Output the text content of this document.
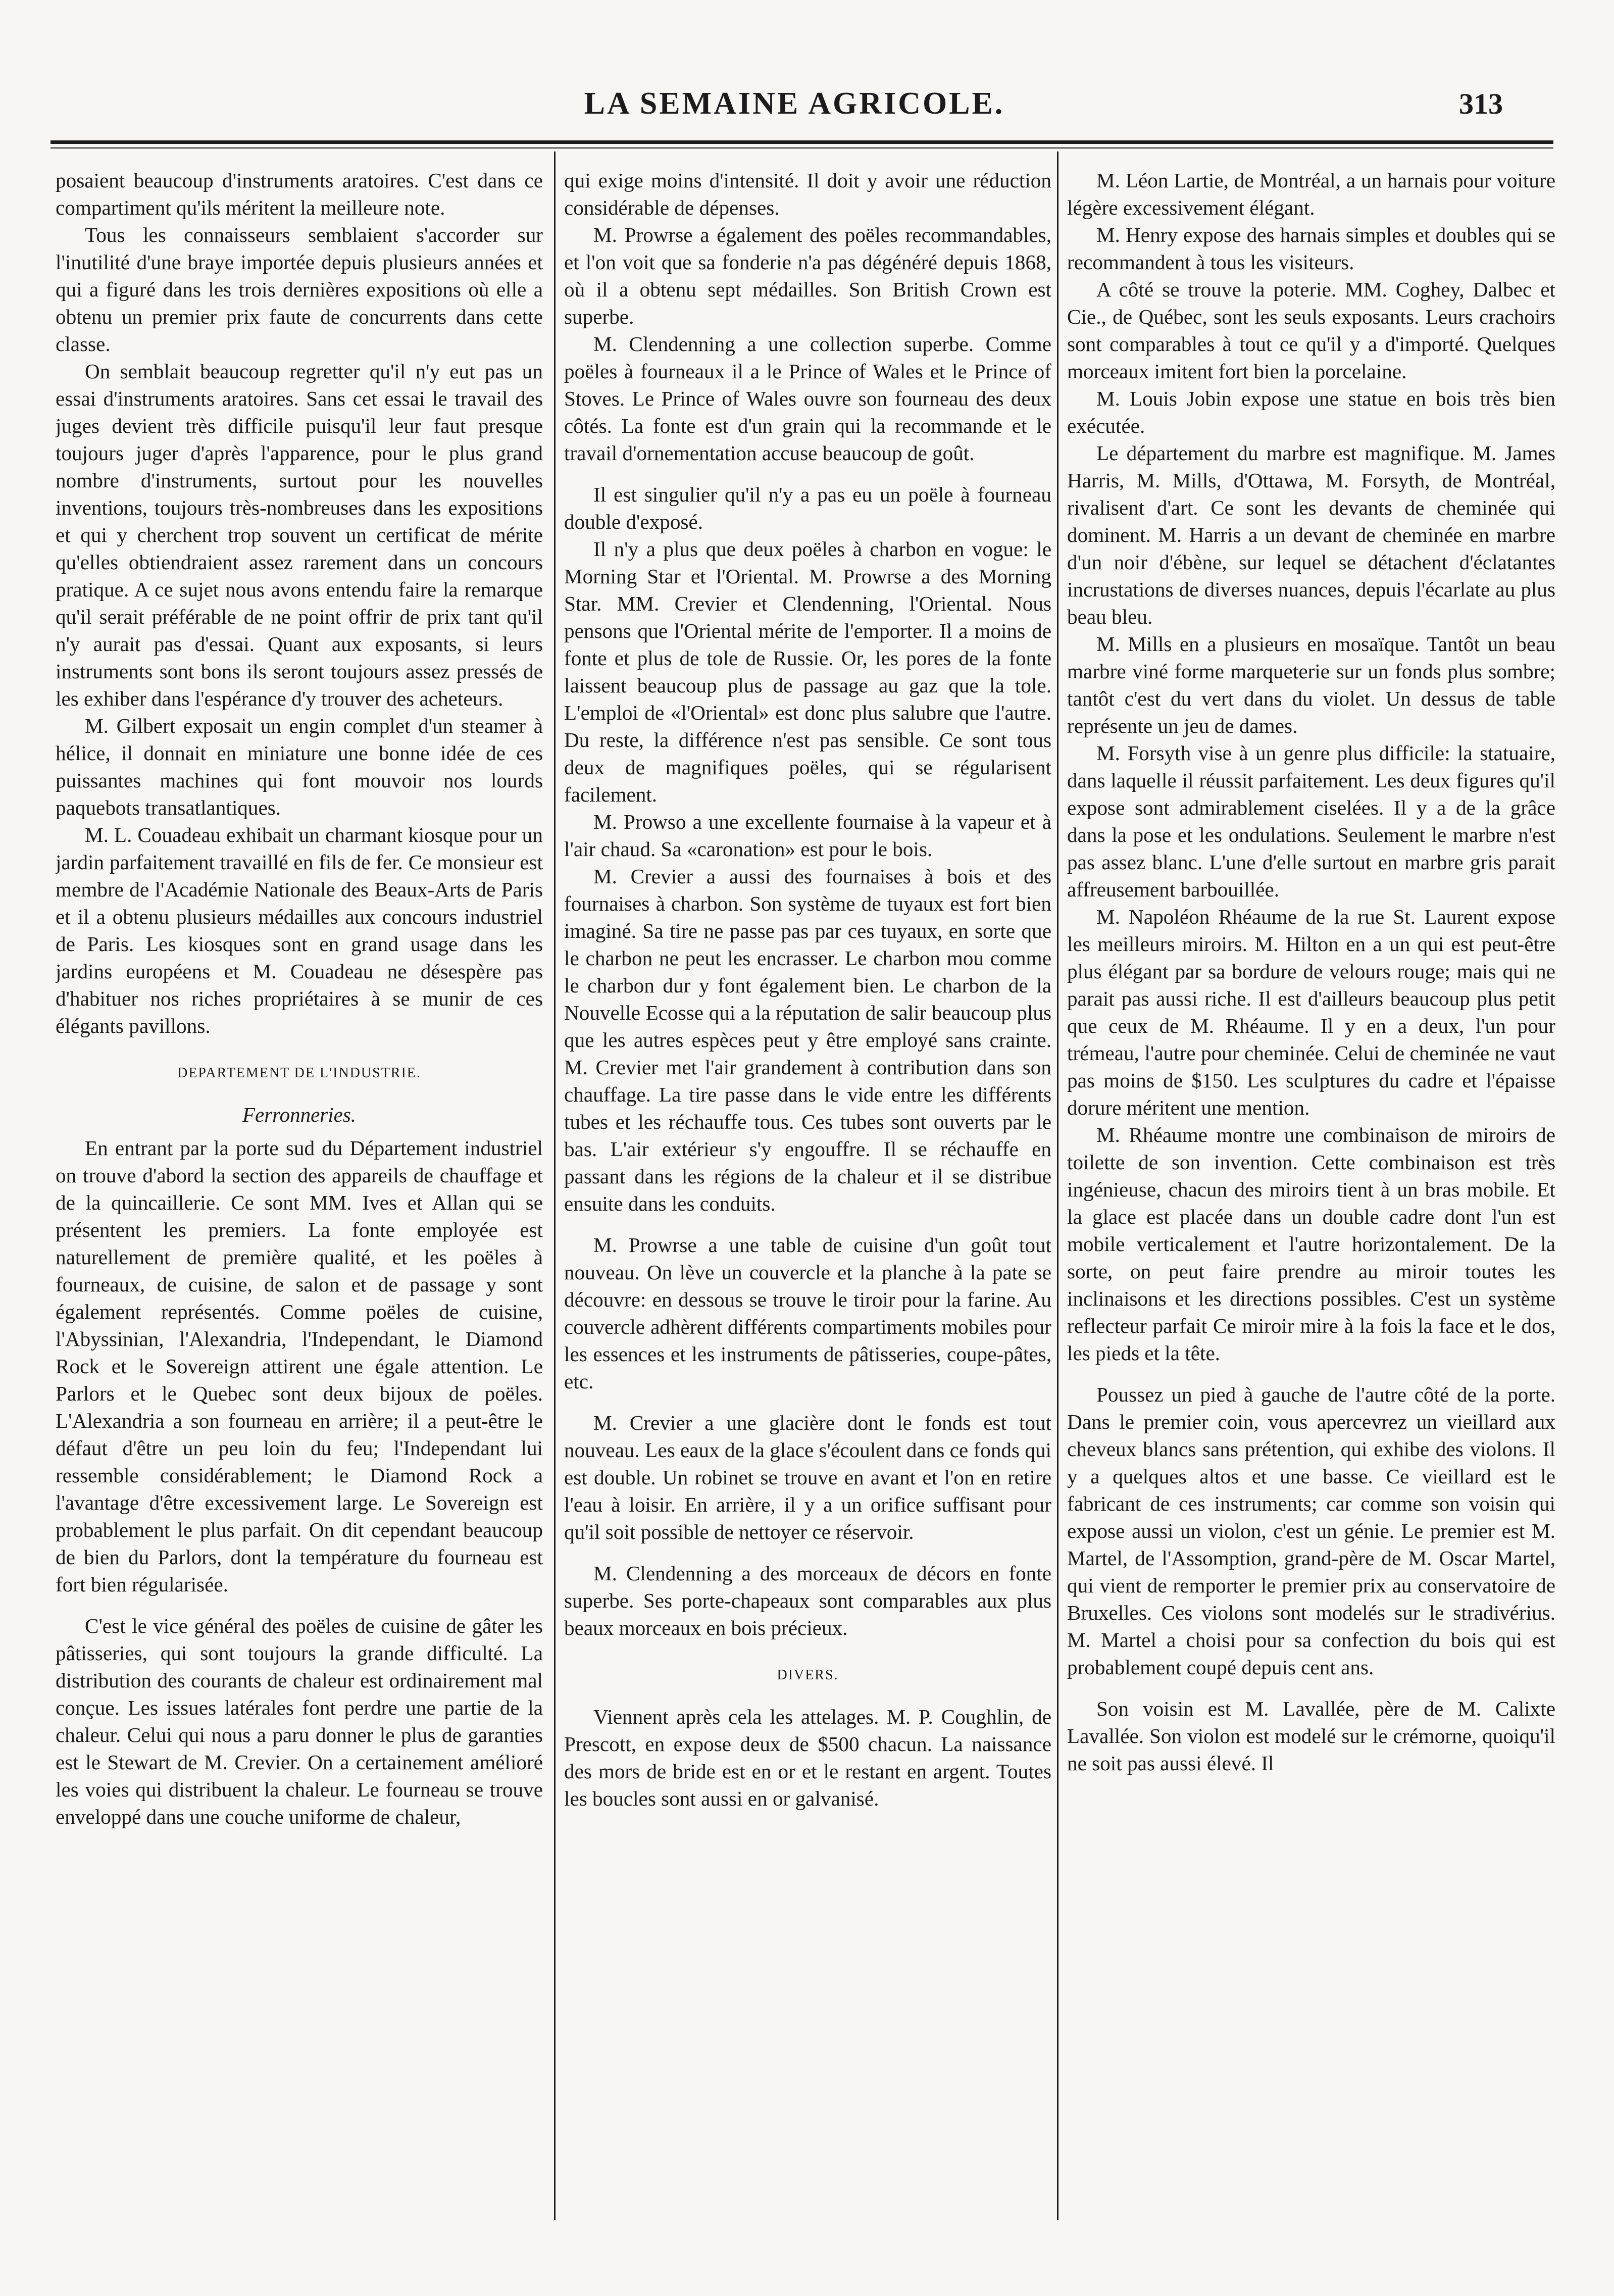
LA SEMAINE AGRICOLE.	313

posaient beaucoup d'instruments aratoires. C'est dans ce compartiment qu'ils méritent la meilleure note.

Tous les connaisseurs semblaient s'accorder sur l'inutilité d'une braye importée depuis plusieurs années et qui a figuré dans les trois dernières expositions où elle a obtenu un premier prix faute de concurrents dans cette classe.

On semblait beaucoup regretter qu'il n'y eut pas un essai d'instruments aratoires. Sans cet essai le travail des juges devient très difficile puisqu'il leur faut presque toujours juger d'après l'apparence, pour le plus grand nombre d'instruments, surtout pour les nouvelles inventions, toujours très-nombreuses dans les expositions et qui y cherchent trop souvent un certificat de mérite qu'elles obtiendraient assez rarement dans un concours pratique. A ce sujet nous avons entendu faire la remarque qu'il serait préférable de ne point offrir de prix tant qu'il n'y aurait pas d'essai. Quant aux exposants, si leurs instruments sont bons ils seront toujours assez pressés de les exhiber dans l'espérance d'y trouver des acheteurs.

M. Gilbert exposait un engin complet d'un steamer à hélice, il donnait en miniature une bonne idée de ces puissantes machines qui font mouvoir nos lourds paquebots transatlantiques.

M. L. Couadeau exhibait un charmant kiosque pour un jardin parfaitement travaillé en fils de fer. Ce monsieur est membre de l'Académie Nationale des Beaux-Arts de Paris et il a obtenu plusieurs médailles aux concours industriel de Paris. Les kiosques sont en grand usage dans les jardins européens et M. Couadeau ne désespère pas d'habituer nos riches propriétaires à se munir de ces élégants pavillons.

DEPARTEMENT DE L'INDUSTRIE.
Ferronneries.

En entrant par la porte sud du Département industriel on trouve d'abord la section des appareils de chauffage et de la quincaillerie. Ce sont MM. Ives et Allan qui se présentent les premiers. La fonte employée est naturellement de première qualité, et les poëles à fourneaux, de cuisine, de salon et de passage y sont également représentés. Comme poëles de cuisine, l'Abyssinian, l'Alexandria, l'Independant, le Diamond Rock et le Sovereign attirent une égale attention. Le Parlors et le Quebec sont deux bijoux de poëles. L'Alexandria a son fourneau en arrière; il a peut-être le défaut d'être un peu loin du feu; l'Independant lui ressemble considérablement; le Diamond Rock a l'avantage d'être excessivement large. Le Sovereign est probablement le plus parfait. On dit cependant beaucoup de bien du Parlors, dont la température du fourneau est fort bien régularisée.

C'est le vice général des poëles de cuisine de gâter les pâtisseries, qui sont toujours la grande difficulté. La distribution des courants de chaleur est ordinairement mal conçue. Les issues latérales font perdre une partie de la chaleur. Celui qui nous a paru donner le plus de garanties est le Stewart de M. Crevier. On a certainement amélioré les voies qui distribuent la chaleur. Le fourneau se trouve enveloppé dans une couche uniforme de chaleur,

qui exige moins d'intensité. Il doit y avoir une réduction considérable de dépenses.

M. Prowrse a également des poëles recommandables, et l'on voit que sa fonderie n'a pas dégénéré depuis 1868, où il a obtenu sept médailles. Son British Crown est superbe.

M. Clendenning a une collection superbe. Comme poëles à fourneaux il a le Prince of Wales et le Prince of Stoves. Le Prince of Wales ouvre son fourneau des deux côtés. La fonte est d'un grain qui la recommande et le travail d'ornementation accuse beaucoup de goût.

Il est singulier qu'il n'y a pas eu un poële à fourneau double d'exposé.

Il n'y a plus que deux poëles à charbon en vogue: le Morning Star et l'Oriental. M. Prowrse a des Morning Star. MM. Crevier et Clendenning, l'Oriental. Nous pensons que l'Oriental mérite de l'emporter. Il a moins de fonte et plus de tole de Russie. Or, les pores de la fonte laissent beaucoup plus de passage au gaz que la tole. L'emploi de «l'Oriental» est donc plus salubre que l'autre. Du reste, la différence n'est pas sensible. Ce sont tous deux de magnifiques poëles, qui se régularisent facilement.

M. Prowso a une excellente fournaise à la vapeur et à l'air chaud. Sa «caronation» est pour le bois.

M. Crevier a aussi des fournaises à bois et des fournaises à charbon. Son système de tuyaux est fort bien imaginé. Sa tire ne passe pas par ces tuyaux, en sorte que le charbon ne peut les encrasser. Le charbon mou comme le charbon dur y font également bien. Le charbon de la Nouvelle Ecosse qui a la réputation de salir beaucoup plus que les autres espèces peut y être employé sans crainte. M. Crevier met l'air grandement à contribution dans son chauffage. La tire passe dans le vide entre les différents tubes et les réchauffe tous. Ces tubes sont ouverts par le bas. L'air extérieur s'y engouffre. Il se réchauffe en passant dans les régions de la chaleur et il se distribue ensuite dans les conduits.

M. Prowrse a une table de cuisine d'un goût tout nouveau. On lève un couvercle et la planche à la pate se découvre: en dessous se trouve le tiroir pour la farine. Au couvercle adhèrent différents compartiments mobiles pour les essences et les instruments de pâtisseries, coupe-pâtes, etc.

M. Crevier a une glacière dont le fonds est tout nouveau. Les eaux de la glace s'écoulent dans ce fonds qui est double. Un robinet se trouve en avant et l'on en retire l'eau à loisir. En arrière, il y a un orifice suffisant pour qu'il soit possible de nettoyer ce réservoir.

M. Clendenning a des morceaux de décors en fonte superbe. Ses porte-chapeaux sont comparables aux plus beaux morceaux en bois précieux.

DIVERS.

Viennent après cela les attelages. M. P. Coughlin, de Prescott, en expose deux de $500 chacun. La naissance des mors de bride est en or et le restant en argent. Toutes les boucles sont aussi en or galvanisé.

M. Léon Lartie, de Montréal, a un harnais pour voiture légère excessivement élégant.

M. Henry expose des harnais simples et doubles qui se recommandent à tous les visiteurs.

A côté se trouve la poterie. MM. Coghey, Dalbec et Cie., de Québec, sont les seuls exposants. Leurs crachoirs sont comparables à tout ce qu'il y a d'importé. Quelques morceaux imitent fort bien la porcelaine.

M. Louis Jobin expose une statue en bois très bien exécutée.

Le département du marbre est magnifique. M. James Harris, M. Mills, d'Ottawa, M. Forsyth, de Montréal, rivalisent d'art. Ce sont les devants de cheminée qui dominent. M. Harris a un devant de cheminée en marbre d'un noir d'ébène, sur lequel se détachent d'éclatantes incrustations de diverses nuances, depuis l'écarlate au plus beau bleu.

M. Mills en a plusieurs en mosaïque. Tantôt un beau marbre viné forme marqueterie sur un fonds plus sombre; tantôt c'est du vert dans du violet. Un dessus de table représente un jeu de dames.

M. Forsyth vise à un genre plus difficile: la statuaire, dans laquelle il réussit parfaitement. Les deux figures qu'il expose sont admirablement ciselées. Il y a de la grâce dans la pose et les ondulations. Seulement le marbre n'est pas assez blanc. L'une d'elle surtout en marbre gris parait affreusement barbouillée.

M. Napoléon Rhéaume de la rue St. Laurent expose les meilleurs miroirs. M. Hilton en a un qui est peut-être plus élégant par sa bordure de velours rouge; mais qui ne parait pas aussi riche. Il est d'ailleurs beaucoup plus petit que ceux de M. Rhéaume. Il y en a deux, l'un pour trémeau, l'autre pour cheminée. Celui de cheminée ne vaut pas moins de $150. Les sculptures du cadre et l'épaisse dorure méritent une mention.

M. Rhéaume montre une combinaison de miroirs de toilette de son invention. Cette combinaison est très ingénieuse, chacun des miroirs tient à un bras mobile. Et la glace est placée dans un double cadre dont l'un est mobile verticalement et l'autre horizontalement. De la sorte, on peut faire prendre au miroir toutes les inclinaisons et les directions possibles. C'est un système reflecteur parfait Ce miroir mire à la fois la face et le dos, les pieds et la tête.

Poussez un pied à gauche de l'autre côté de la porte. Dans le premier coin, vous apercevrez un vieillard aux cheveux blancs sans prétention, qui exhibe des violons. Il y a quelques altos et une basse. Ce vieillard est le fabricant de ces instruments; car comme son voisin qui expose aussi un violon, c'est un génie. Le premier est M. Martel, de l'Assomption, grand-père de M. Oscar Martel, qui vient de remporter le premier prix au conservatoire de Bruxelles. Ces violons sont modelés sur le stradivérius. M. Martel a choisi pour sa confection du bois qui est probablement coupé depuis cent ans.

Son voisin est M. Lavallée, père de M. Calixte Lavallée. Son violon est modelé sur le crémorne, quoiqu'il ne soit pas aussi élevé. Il
